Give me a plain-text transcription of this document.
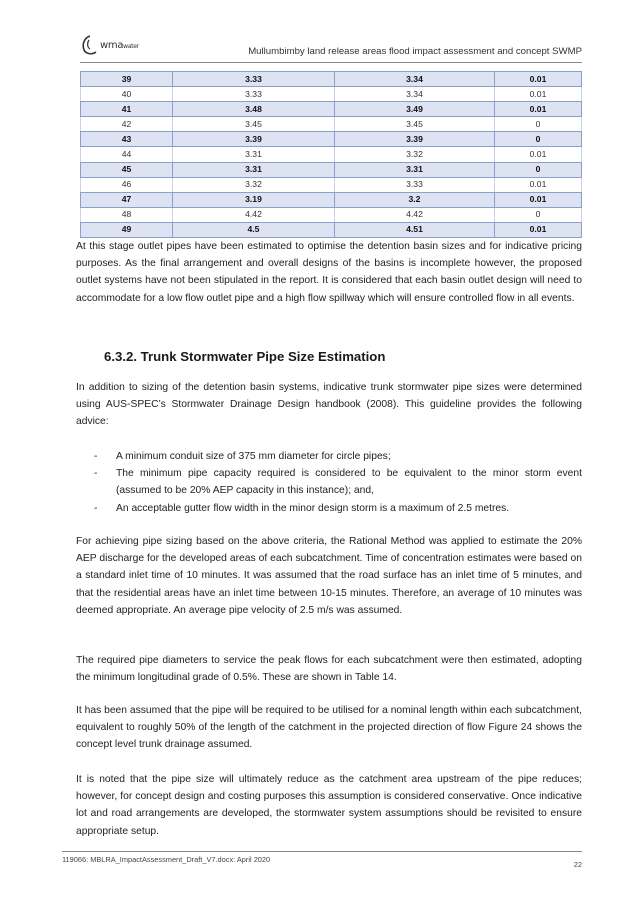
wmawater	Mullumbimby land release areas flood impact assessment and concept SWMP
39	3.33	3.34	0.01
40	3.33	3.34	0.01
41	3.48	3.49	0.01
42	3.45	3.45	0
43	3.39	3.39	0
44	3.31	3.32	0.01
45	3.31	3.31	0
46	3.32	3.33	0.01
47	3.19	3.2	0.01
48	4.42	4.42	0
49	4.5	4.51	0.01

At this stage outlet pipes have been estimated to optimise the detention basin sizes and for indicative pricing purposes. As the final arrangement and overall designs of the basins is incomplete however, the proposed outlet systems have not been stipulated in the report. It is considered that each basin outlet design will need to accommodate for a low flow outlet pipe and a high flow spillway which will ensure controlled flow in all events.

6.3.2. Trunk Stormwater Pipe Size Estimation

In addition to sizing of the detention basin systems, indicative trunk stormwater pipe sizes were determined using AUS-SPEC’s Stormwater Drainage Design handbook (2008). This guideline provides the following advice:

- A minimum conduit size of 375 mm diameter for circle pipes;
- The minimum pipe capacity required is considered to be equivalent to the minor storm event (assumed to be 20% AEP capacity in this instance); and,
- An acceptable gutter flow width in the minor design storm is a maximum of 2.5 metres.

For achieving pipe sizing based on the above criteria, the Rational Method was applied to estimate the 20% AEP discharge for the developed areas of each subcatchment. Time of concentration estimates were based on a standard inlet time of 10 minutes. It was assumed that the road surface has an inlet time of 5 minutes, and that the residential areas have an inlet time between 10-15 minutes. Therefore, an average of 10 minutes was deemed appropriate. An average pipe velocity of 2.5 m/s was assumed.

The required pipe diameters to service the peak flows for each subcatchment were then estimated, adopting the minimum longitudinal grade of 0.5%. These are shown in Table 14.

It has been assumed that the pipe will be required to be utilised for a nominal length within each subcatchment, equivalent to roughly 50% of the length of the catchment in the projected direction of flow Figure 24 shows the concept level trunk drainage assumed.

It is noted that the pipe size will ultimately reduce as the catchment area upstream of the pipe reduces; however, for concept design and costing purposes this assumption is considered conservative. Once indicative lot and road arrangements are developed, the stormwater system assumptions should be revisited to ensure appropriate setup.

119066: MBLRA_ImpactAssessment_Draft_V7.docx: April 2020
22
